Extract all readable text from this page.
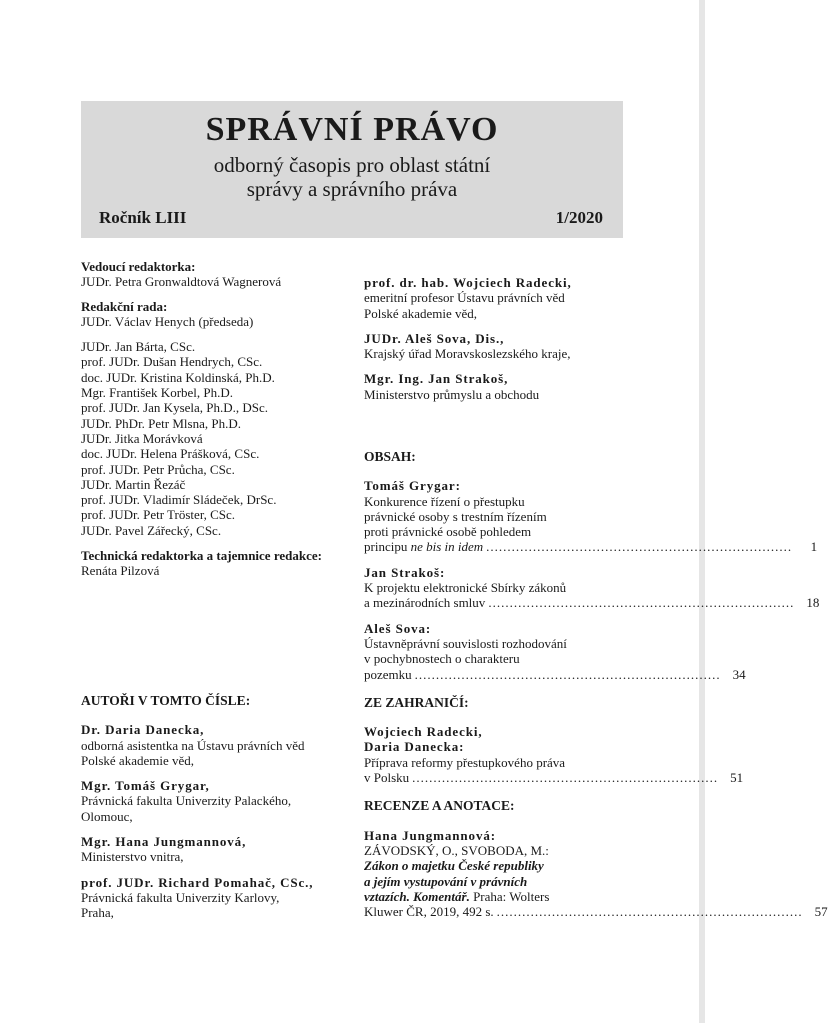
SPRÁVNÍ PRÁVO
odborný časopis pro oblast státní
správy a správního práva
Ročník LIII	1/2020
Vedoucí redaktorka:
JUDr. Petra Gronwaldtová Wagnerová
Redakční rada:
JUDr. Václav Henych (předseda)
JUDr. Jan Bárta, CSc.
prof. JUDr. Dušan Hendrych, CSc.
doc. JUDr. Kristina Koldinská, Ph.D.
Mgr. František Korbel, Ph.D.
prof. JUDr. Jan Kysela, Ph.D., DSc.
JUDr. PhDr. Petr Mlsna, Ph.D.
JUDr. Jitka Morávková
doc. JUDr. Helena Prášková, CSc.
prof. JUDr. Petr Průcha, CSc.
JUDr. Martin Řezáč
prof. JUDr. Vladimír Sládeček, DrSc.
prof. JUDr. Petr Tröster, CSc.
JUDr. Pavel Zářecký, CSc.
Technická redaktorka a tajemnice redakce:
Renáta Pilzová
AUTOŘI V TOMTO ČÍSLE:
Dr. Daria Danecka,
odborná asistentka na Ústavu právních věd
Polské akademie věd,
Mgr. Tomáš Grygar,
Právnická fakulta Univerzity Palackého,
Olomouc,
Mgr. Hana Jungmannová,
Ministerstvo vnitra,
prof. JUDr. Richard Pomahač, CSc.,
Právnická fakulta Univerzity Karlovy,
Praha,
prof. dr. hab. Wojciech Radecki,
emeritní profesor Ústavu právních věd
Polské akademie věd,
JUDr. Aleš Sova, Dis.,
Krajský úřad Moravskoslezského kraje,
Mgr. Ing. Jan Strakoš,
Ministerstvo průmyslu a obchodu
OBSAH:
Tomáš Grygar:
Konkurence řízení o přestupku
právnické osoby s trestním řízením
proti právnické osobě pohledem
principu ne bis in idem ........................................................................	1
Jan Strakoš:
K projektu elektronické Sbírky zákonů
a mezinárodních smluv ........................................................................ 18
Aleš Sova:
Ústavněprávní souvislosti rozhodování
v pochybnostech o charakteru
pozemku ........................................................................ 34
ZE ZAHRANIČÍ:
Wojciech Radecki,
Daria Danecka:
Příprava reformy přestupkového práva
v Polsku ........................................................................ 51
RECENZE A ANOTACE:
Hana Jungmannová:
ZÁVODSKÝ, O., SVOBODA, M.:
Zákon o majetku České republiky
a jejím vystupování v právních
vztazích. Komentář. Praha: Wolters
Kluwer ČR, 2019, 492 s. ........................................................................ 57
